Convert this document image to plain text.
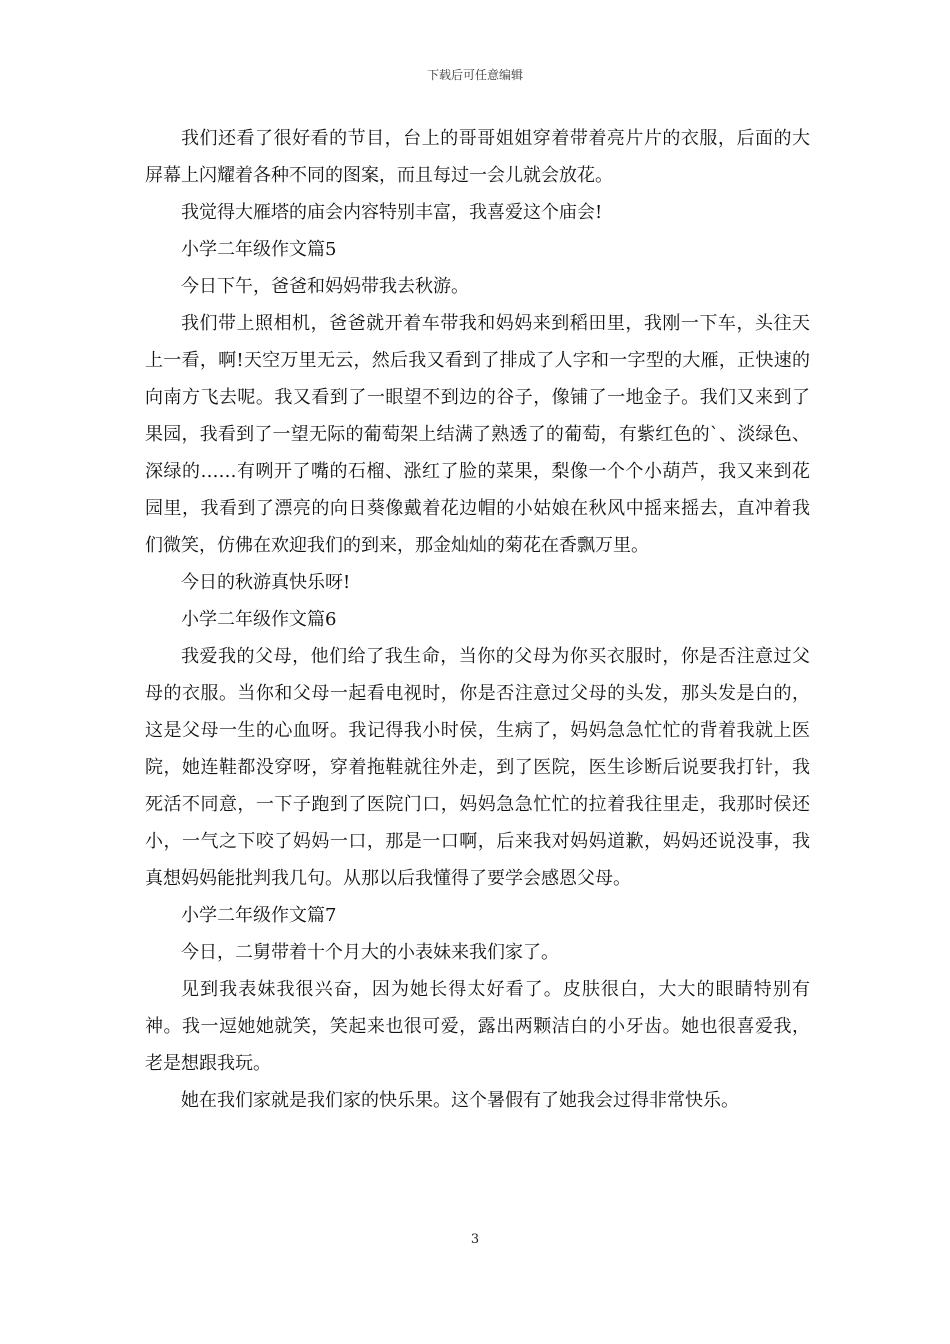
下载后可任意编辑

我们还看了很好看的节目，台上的哥哥姐姐穿着带着亮片片的衣服，后面的大屏幕上闪耀着各种不同的图案，而且每过一会儿就会放花。

我觉得大雁塔的庙会内容特别丰富，我喜爱这个庙会!

小学二年级作文篇5

今日下午，爸爸和妈妈带我去秋游。

我们带上照相机，爸爸就开着车带我和妈妈来到稻田里，我刚一下车，头往天上一看，啊!天空万里无云，然后我又看到了排成了人字和一字型的大雁，正快速的向南方飞去呢。我又看到了一眼望不到边的谷子，像铺了一地金子。我们又来到了果园，我看到了一望无际的葡萄架上结满了熟透了的葡萄，有紫红色的`、淡绿色、深绿的……有咧开了嘴的石榴、涨红了脸的菜果，梨像一个个小葫芦，我又来到花园里，我看到了漂亮的向日葵像戴着花边帽的小姑娘在秋风中摇来摇去，直冲着我们微笑，仿佛在欢迎我们的到来，那金灿灿的菊花在香飘万里。

今日的秋游真快乐呀!

小学二年级作文篇6

我爱我的父母，他们给了我生命，当你的父母为你买衣服时，你是否注意过父母的衣服。当你和父母一起看电视时，你是否注意过父母的头发，那头发是白的，这是父母一生的心血呀。我记得我小时侯，生病了，妈妈急急忙忙的背着我就上医院，她连鞋都没穿呀，穿着拖鞋就往外走，到了医院，医生诊断后说要我打针，我死活不同意，一下子跑到了医院门口，妈妈急急忙忙的拉着我往里走，我那时侯还小，一气之下咬了妈妈一口，那是一口啊，后来我对妈妈道歉，妈妈还说没事，我真想妈妈能批判我几句。从那以后我懂得了要学会感恩父母。

小学二年级作文篇7

今日，二舅带着十个月大的小表妹来我们家了。

见到我表妹我很兴奋，因为她长得太好看了。皮肤很白，大大的眼睛特别有神。我一逗她她就笑，笑起来也很可爱，露出两颗洁白的小牙齿。她也很喜爱我，老是想跟我玩。

她在我们家就是我们家的快乐果。这个暑假有了她我会过得非常快乐。

3
